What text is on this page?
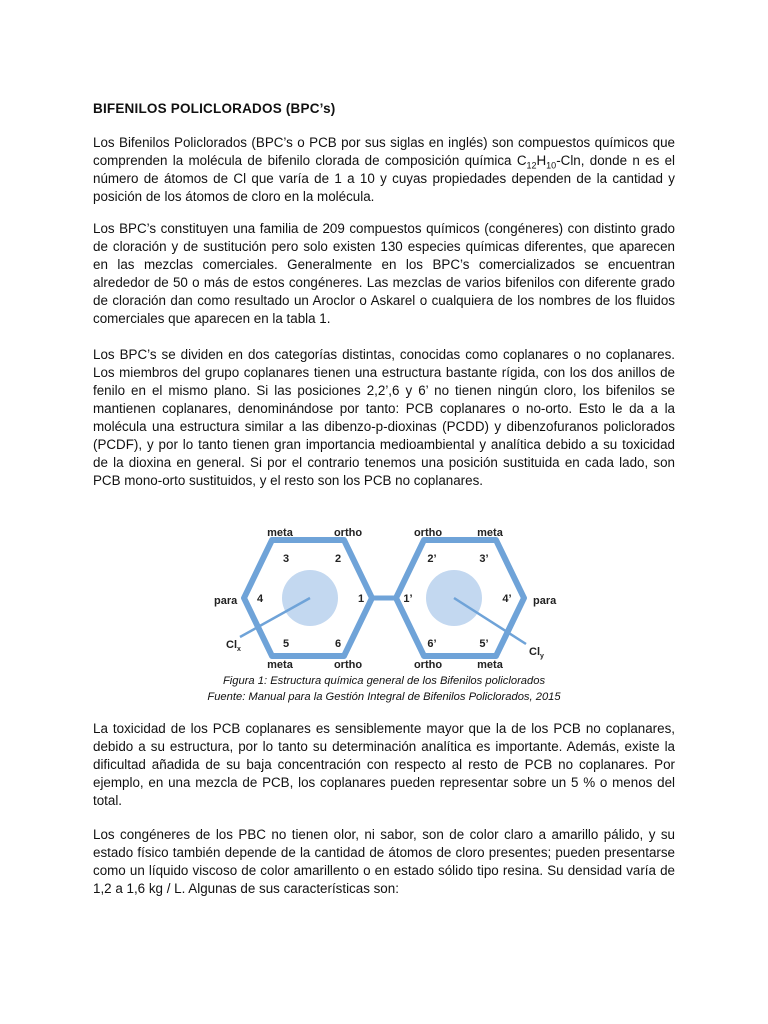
BIFENILOS POLICLORADOS (BPC’s)

Los Bifenilos Policlorados (BPC’s o PCB por sus siglas en inglés) son compuestos químicos que comprenden la molécula de bifenilo clorada de composición química $C_{12}H_{10}$-Cln, donde n es el número de átomos de Cl que varía de 1 a 10 y cuyas propiedades dependen de la cantidad y posición de los átomos de cloro en la molécula.

Los BPC’s constituyen una familia de 209 compuestos químicos (congéneres) con distinto grado de cloración y de sustitución pero solo existen 130 especies químicas diferentes, que aparecen en las mezclas comerciales. Generalmente en los BPC’s comercializados se encuentran alrededor de 50 o más de estos congéneres. Las mezclas de varios bifenilos con diferente grado de cloración dan como resultado un Aroclor o Askarel o cualquiera de los nombres de los fluidos comerciales que aparecen en la tabla 1.

Los BPC’s se dividen en dos categorías distintas, conocidas como coplanares o no coplanares. Los miembros del grupo coplanares tienen una estructura bastante rígida, con los dos anillos de fenilo en el mismo plano. Si las posiciones 2,2’,6 y 6’ no tienen ningún cloro, los bifenilos se mantienen coplanares, denominándose por tanto: PCB coplanares o no-orto. Esto le da a la molécula una estructura similar a las dibenzo-p-dioxinas (PCDD) y dibenzofuranos policlorados (PCDF), y por lo tanto tienen gran importancia medioambiental y analítica debido a su toxicidad de la dioxina en general. Si por el contrario tenemos una posición sustituida en cada lado, son PCB mono-orto sustituidos, y el resto son los PCB no coplanares.

meta	ortho	ortho	meta
meta	ortho	ortho	meta
para	para
3	2
4	1
5	6
2’	3’
1’	4’
6’	5’
$Cl_x$	$Cl_y$

Figura 1: Estructura química general de los Bifenilos policlorados

Fuente: Manual para la Gestión Integral de Bifenilos Policlorados, 2015

La toxicidad de los PCB coplanares es sensiblemente mayor que la de los PCB no coplanares, debido a su estructura, por lo tanto su determinación analítica es importante. Además, existe la dificultad añadida de su baja concentración con respecto al resto de PCB no coplanares. Por ejemplo, en una mezcla de PCB, los coplanares pueden representar sobre un 5 % o menos del total.

Los congéneres de los PBC no tienen olor, ni sabor, son de color claro a amarillo pálido, y su estado físico también depende de la cantidad de átomos de cloro presentes; pueden presentarse como un líquido viscoso de color amarillento o en estado sólido tipo resina. Su densidad varía de 1,2 a 1,6 kg / L. Algunas de sus características son:
